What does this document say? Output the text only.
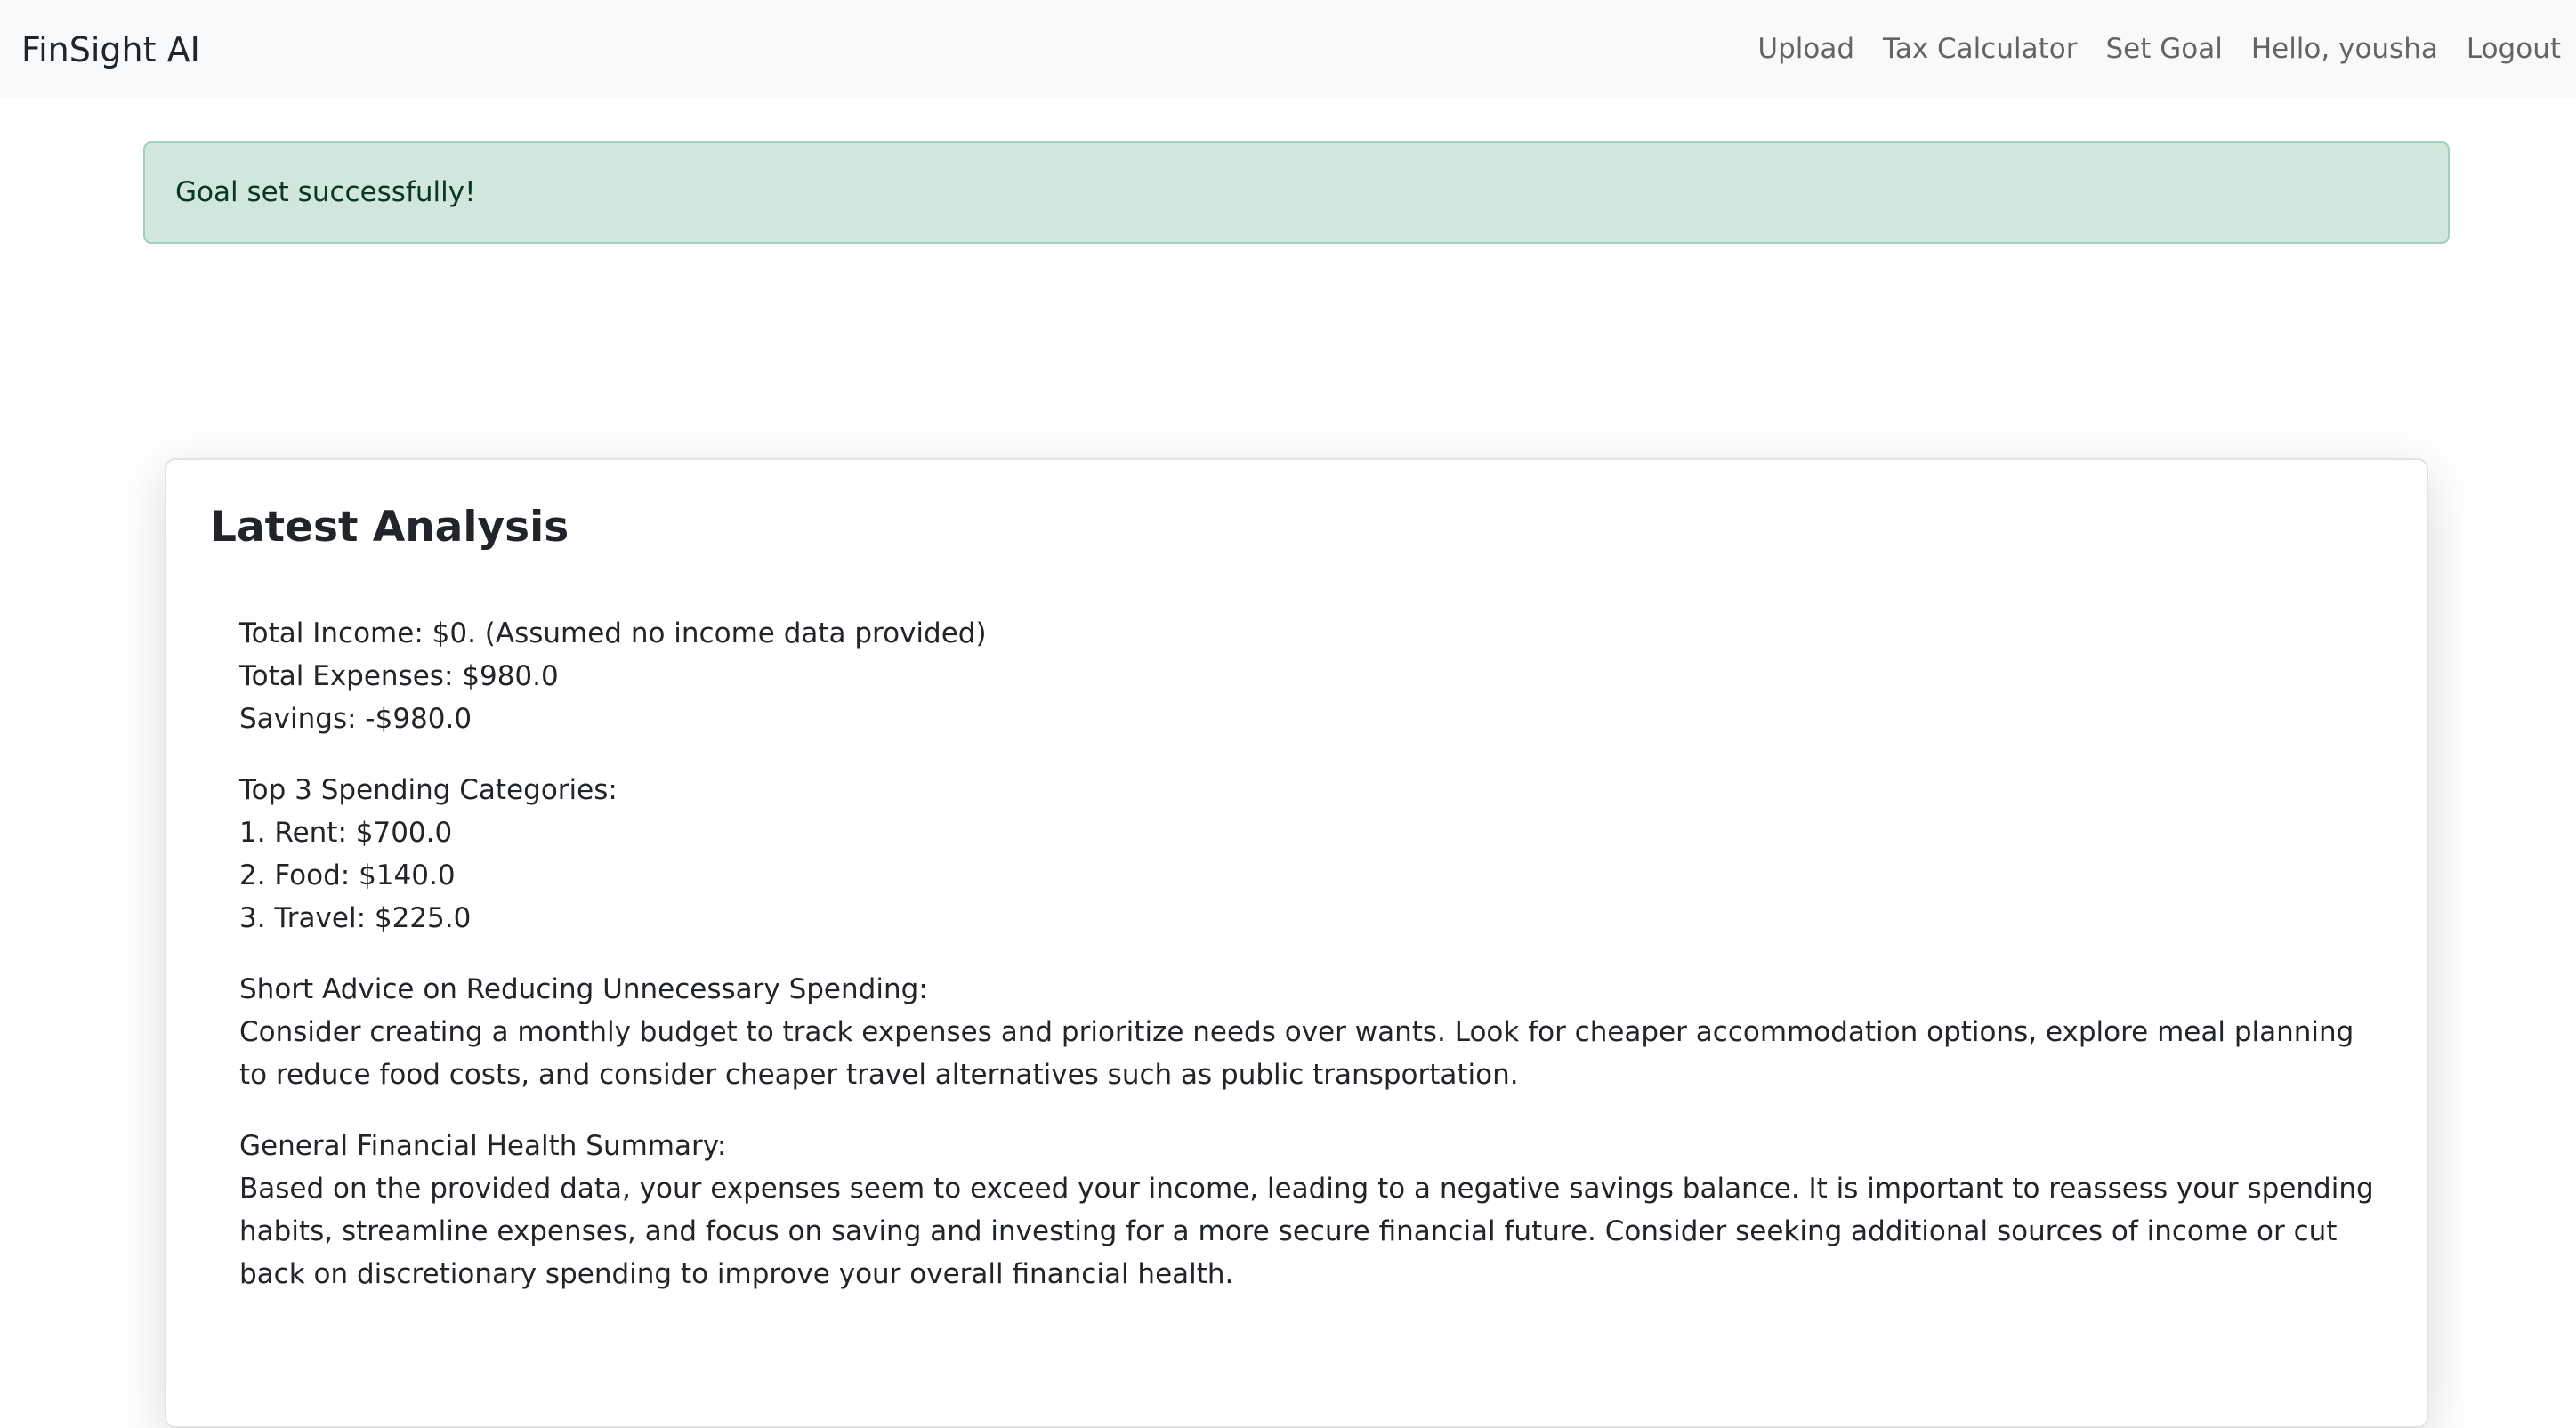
FinSight AI	Upload Tax Calculator Set Goal Hello, yousha Logout
Goal set successfully!
Latest Analysis

Total Income: $0. (Assumed no income data provided)
Total Expenses: $980.0
Savings: -$980.0

Top 3 Spending Categories:
1. Rent: $700.0
2. Food: $140.0
3. Travel: $225.0

Short Advice on Reducing Unnecessary Spending:
Consider creating a monthly budget to track expenses and prioritize needs over wants. Look for cheaper accommodation options, explore meal planning to reduce food costs, and consider cheaper travel alternatives such as public transportation.

General Financial Health Summary:
Based on the provided data, your expenses seem to exceed your income, leading to a negative savings balance. It is important to reassess your spending habits, streamline expenses, and focus on saving and investing for a more secure financial future. Consider seeking additional sources of income or cut back on discretionary spending to improve your overall financial health.
